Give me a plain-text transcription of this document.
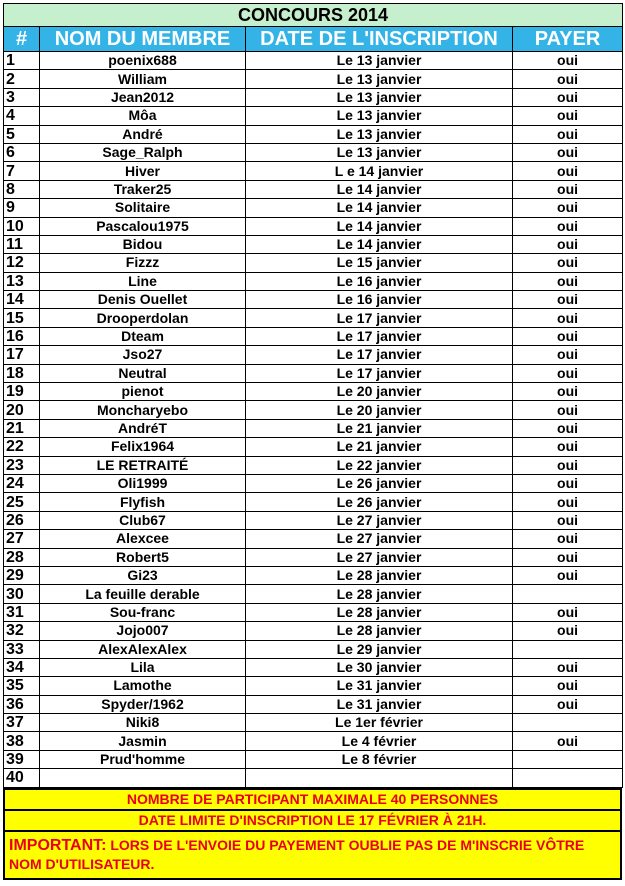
CONCOURS 2014			
#	NOM DU MEMBRE	DATE DE L'INSCRIPTION	PAYER
1	poenix688	Le 13 janvier	oui
2	William	Le 13 janvier	oui
3	Jean2012	Le 13 janvier	oui
4	Môa	Le 13 janvier	oui
5	André	Le 13 janvier	oui
6	Sage_Ralph	Le 13 janvier	oui
7	Hiver	L e 14 janvier	oui
8	Traker25	Le 14 janvier	oui
9	Solitaire	Le 14 janvier	oui
10	Pascalou1975	Le 14 janvier	oui
11	Bidou	Le 14 janvier	oui
12	Fizzz	Le 15 janvier	oui
13	Line	Le 16 janvier	oui
14	Denis Ouellet	Le 16 janvier	oui
15	Drooperdolan	Le 17 janvier	oui
16	Dteam	Le 17 janvier	oui
17	Jso27	Le 17 janvier	oui
18	Neutral	Le 17 janvier	oui
19	pienot	Le 20 janvier	oui
20	Moncharyebo	Le 20 janvier	oui
21	AndréT	Le 21 janvier	oui
22	Felix1964	Le 21 janvier	oui
23	LE RETRAITÉ	Le 22 janvier	oui
24	Oli1999	Le 26 janvier	oui
25	Flyfish	Le 26 janvier	oui
26	Club67	Le 27 janvier	oui
27	Alexcee	Le 27 janvier	oui
28	Robert5	Le 27 janvier	oui
29	Gi23	Le 28 janvier	oui
30	La feuille derable	Le 28 janvier	
31	Sou-franc	Le 28 janvier	oui
32	Jojo007	Le 28 janvier	oui
33	AlexAlexAlex	Le 29 janvier	
34	Lila	Le 30 janvier	oui
35	Lamothe	Le 31 janvier	oui
36	Spyder/1962	Le 31 janvier	oui
37	Niki8	Le 1er février	
38	Jasmin	Le 4 février	oui
39	Prud'homme	Le 8 février	
40			
NOMBRE DE PARTICIPANT MAXIMALE 40 PERSONNES
DATE LIMITE D'INSCRIPTION LE 17 FÉVRIER À 21H.
IMPORTANT: LORS DE L'ENVOIE DU PAYEMENT OUBLIE PAS DE M'INSCRIE VÔTRE NOM D'UTILISATEUR.
